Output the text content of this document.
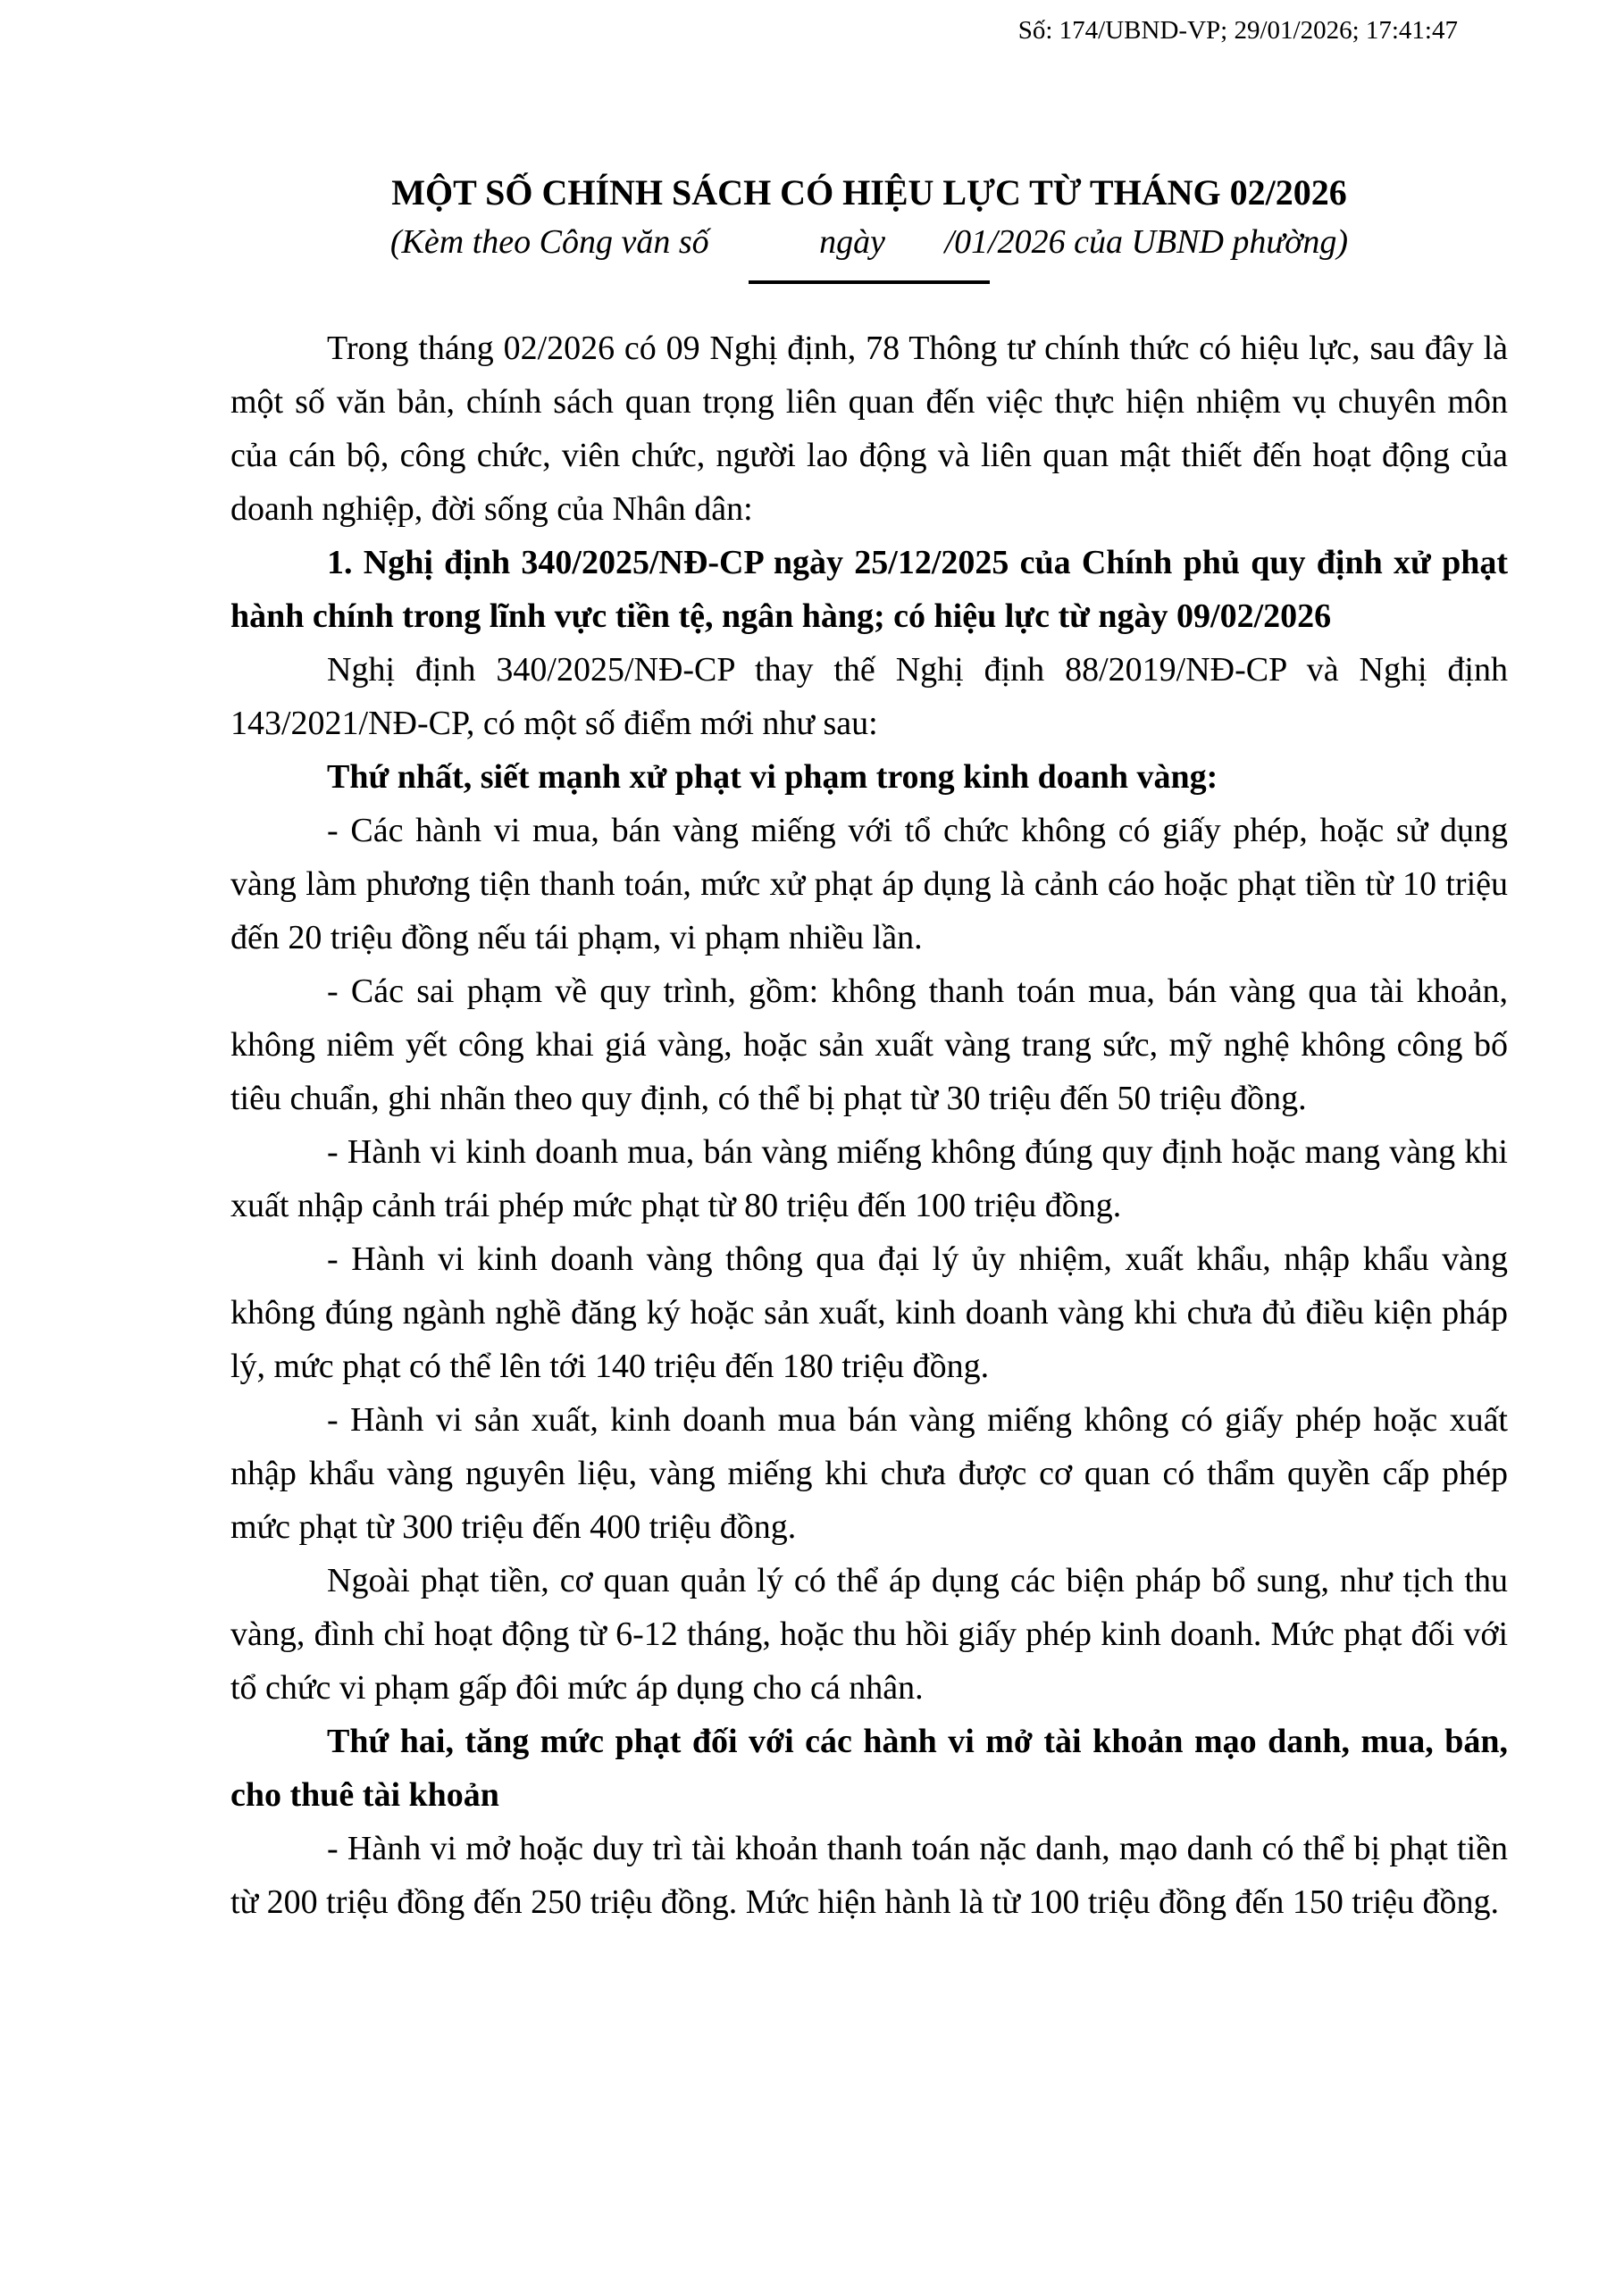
Số: 174/UBND-VP; 29/01/2026; 17:41:47
MỘT SỐ CHÍNH SÁCH CÓ HIỆU LỰC TỪ THÁNG 02/2026
(Kèm theo Công văn số             ngày       /01/2026 của UBND phường)

Trong tháng 02/2026 có 09 Nghị định, 78 Thông tư chính thức có hiệu lực, sau đây là một số văn bản, chính sách quan trọng liên quan đến việc thực hiện nhiệm vụ chuyên môn của cán bộ, công chức, viên chức, người lao động và liên quan mật thiết đến hoạt động của doanh nghiệp, đời sống của Nhân dân:

1. Nghị định 340/2025/NĐ-CP ngày 25/12/2025 của Chính phủ quy định xử phạt hành chính trong lĩnh vực tiền tệ, ngân hàng; có hiệu lực từ ngày 09/02/2026

Nghị định 340/2025/NĐ-CP thay thế Nghị định 88/2019/NĐ-CP và Nghị định 143/2021/NĐ-CP, có một số điểm mới như sau:

Thứ nhất, siết mạnh xử phạt vi phạm trong kinh doanh vàng:

- Các hành vi mua, bán vàng miếng với tổ chức không có giấy phép, hoặc sử dụng vàng làm phương tiện thanh toán, mức xử phạt áp dụng là cảnh cáo hoặc phạt tiền từ 10 triệu đến 20 triệu đồng nếu tái phạm, vi phạm nhiều lần.

- Các sai phạm về quy trình, gồm: không thanh toán mua, bán vàng qua tài khoản, không niêm yết công khai giá vàng, hoặc sản xuất vàng trang sức, mỹ nghệ không công bố tiêu chuẩn, ghi nhãn theo quy định, có thể bị phạt từ 30 triệu đến 50 triệu đồng.

- Hành vi kinh doanh mua, bán vàng miếng không đúng quy định hoặc mang vàng khi xuất nhập cảnh trái phép mức phạt từ 80 triệu đến 100 triệu đồng.

- Hành vi kinh doanh vàng thông qua đại lý ủy nhiệm, xuất khẩu, nhập khẩu vàng không đúng ngành nghề đăng ký hoặc sản xuất, kinh doanh vàng khi chưa đủ điều kiện pháp lý, mức phạt có thể lên tới 140 triệu đến 180 triệu đồng.

- Hành vi sản xuất, kinh doanh mua bán vàng miếng không có giấy phép hoặc xuất nhập khẩu vàng nguyên liệu, vàng miếng khi chưa được cơ quan có thẩm quyền cấp phép mức phạt từ 300 triệu đến 400 triệu đồng.

Ngoài phạt tiền, cơ quan quản lý có thể áp dụng các biện pháp bổ sung, như tịch thu vàng, đình chỉ hoạt động từ 6-12 tháng, hoặc thu hồi giấy phép kinh doanh. Mức phạt đối với tổ chức vi phạm gấp đôi mức áp dụng cho cá nhân.

Thứ hai, tăng mức phạt đối với các hành vi mở tài khoản mạo danh, mua, bán, cho thuê tài khoản

- Hành vi mở hoặc duy trì tài khoản thanh toán nặc danh, mạo danh có thể bị phạt tiền từ 200 triệu đồng đến 250 triệu đồng. Mức hiện hành là từ 100 triệu đồng đến 150 triệu đồng.
